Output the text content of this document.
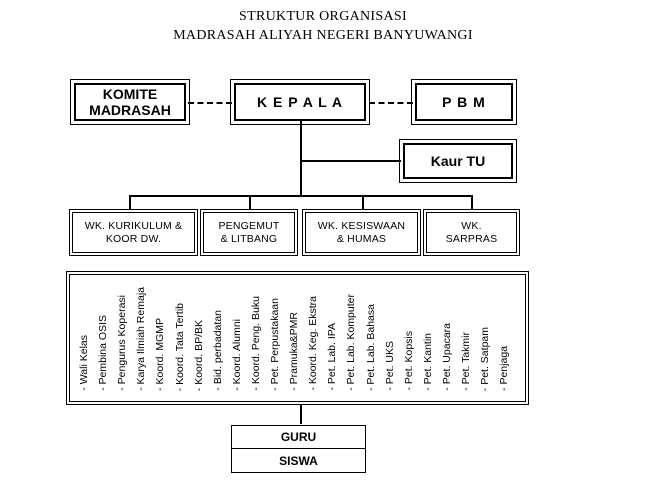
STRUKTUR ORGANISASI
MADRASAH ALIYAH NEGERI BANYUWANGI
KOMITE
MADRASAH
K E P A L A	P B M
Kaur TU
WK. KURIKULUM &
KOOR DW.
PENGEMUT
& LITBANG
WK. KESISWAAN
& HUMAS
WK.
SARPRAS
- Wali Kelas - Pembina OSIS - Pengurus Koperasi - Karya Ilmiah Remaja - Koord. MGMP - Koord. Tata Tertib - Koord. BP/BK - Bid. perbadatan - Koord. Alumni - Koord. Peng. Buku - Pet. Perpustakaan - Pramuka&PMR - Koord. Keg. Ekstra - Pet. Lab. IPA - Pet. Lab. Komputer - Pet. Lab. Bahasa - Pet. UKS - Pet. Kopsis - Pet. Kantin - Pet. Upacara - Pet. Takmir - Pet. Satpam - Penjaga
GURU
SISWA
